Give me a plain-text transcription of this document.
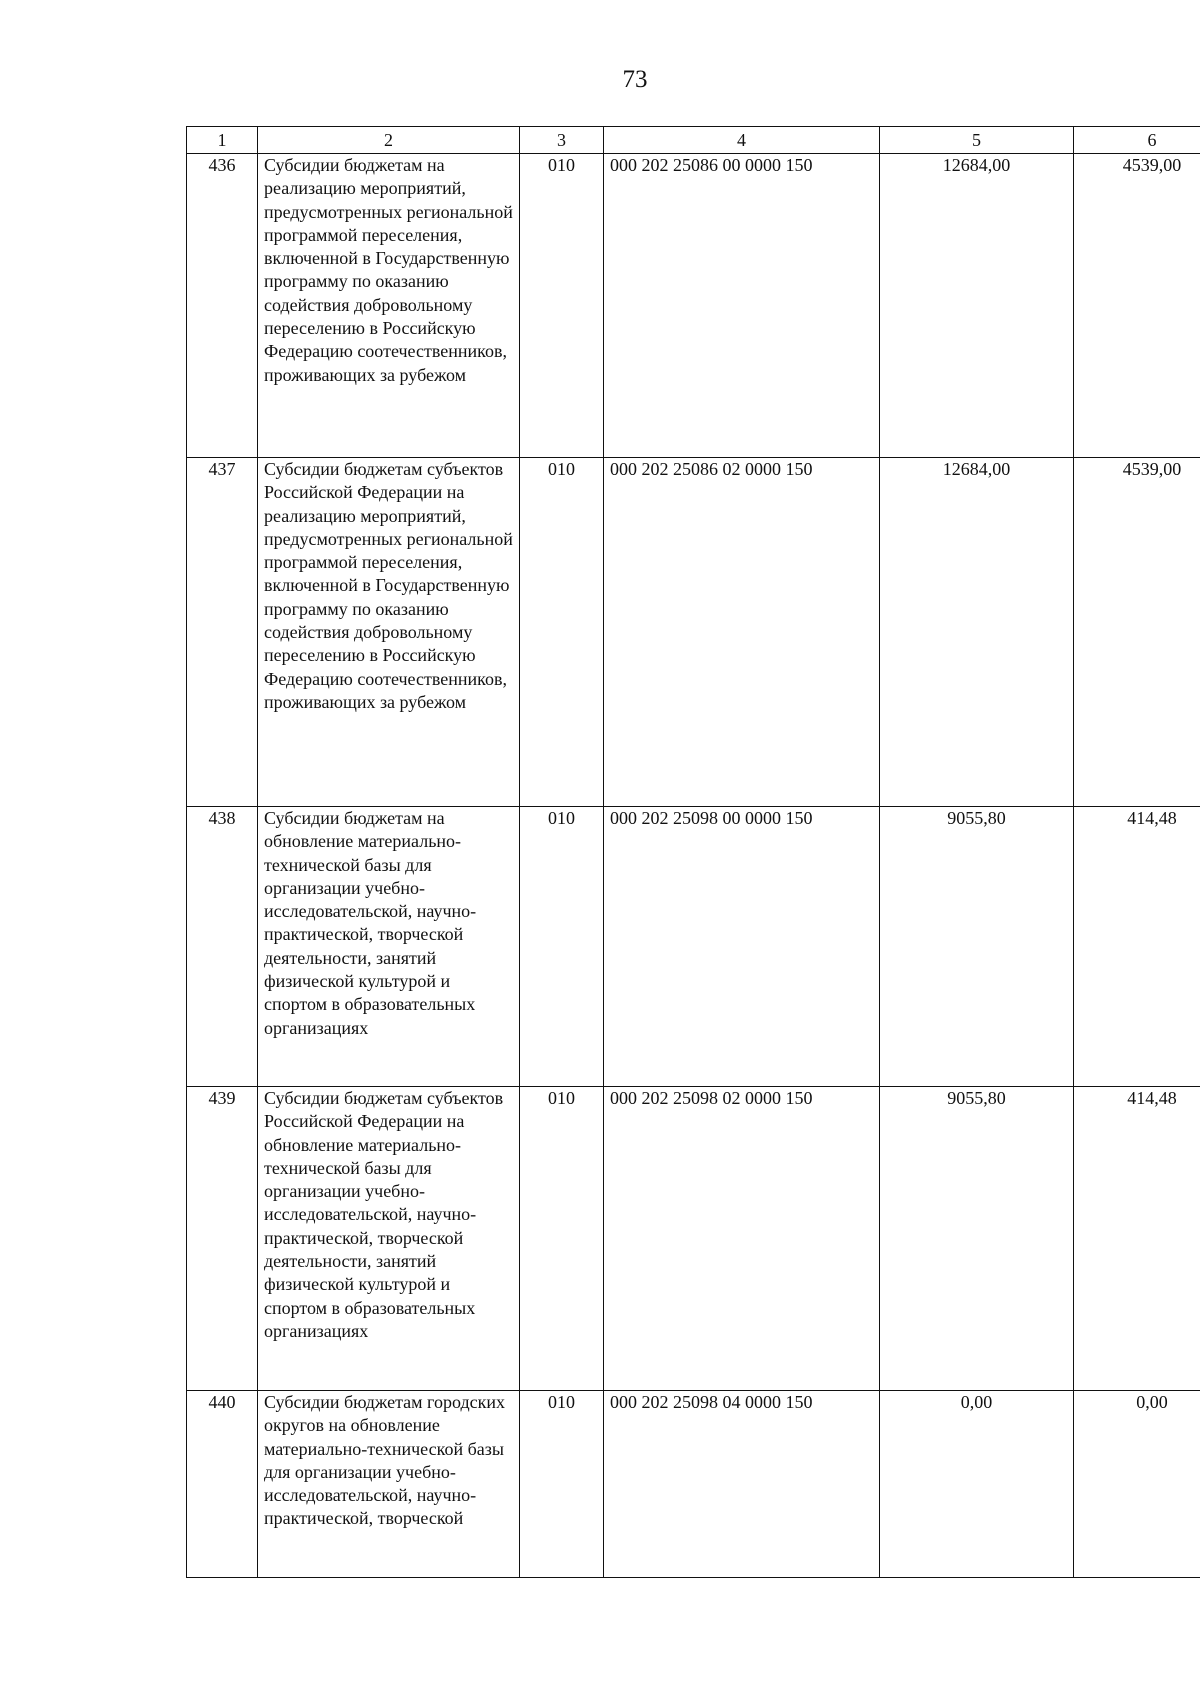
73
1	2	3	4	5	6
436	Субсидии бюджетам на реализацию мероприятий, предусмотренных региональной программой переселения, включенной в Государственную программу по оказанию содействия добровольному переселению в Российскую Федерацию соотечественников, проживающих за рубежом	010	000 202 25086 00 0000 150	12684,00	4539,00
437	Субсидии бюджетам субъектов Российской Федерации на реализацию мероприятий, предусмотренных региональной программой переселения, включенной в Государственную программу по оказанию содействия добровольному переселению в Российскую Федерацию соотечественников, проживающих за рубежом	010	000 202 25086 02 0000 150	12684,00	4539,00
438	Субсидии бюджетам на обновление материально-технической базы для организации учебно-исследовательской, научно-практической, творческой деятельности, занятий физической культурой и спортом в образовательных организациях	010	000 202 25098 00 0000 150	9055,80	414,48
439	Субсидии бюджетам субъектов Российской Федерации на обновление материально-технической базы для организации учебно-исследовательской, научно-практической, творческой деятельности, занятий физической культурой и спортом в образовательных организациях	010	000 202 25098 02 0000 150	9055,80	414,48
440	Субсидии бюджетам городских округов на обновление материально-технической базы для организации учебно-исследовательской, научно-практической, творческой	010	000 202 25098 04 0000 150	0,00	0,00
